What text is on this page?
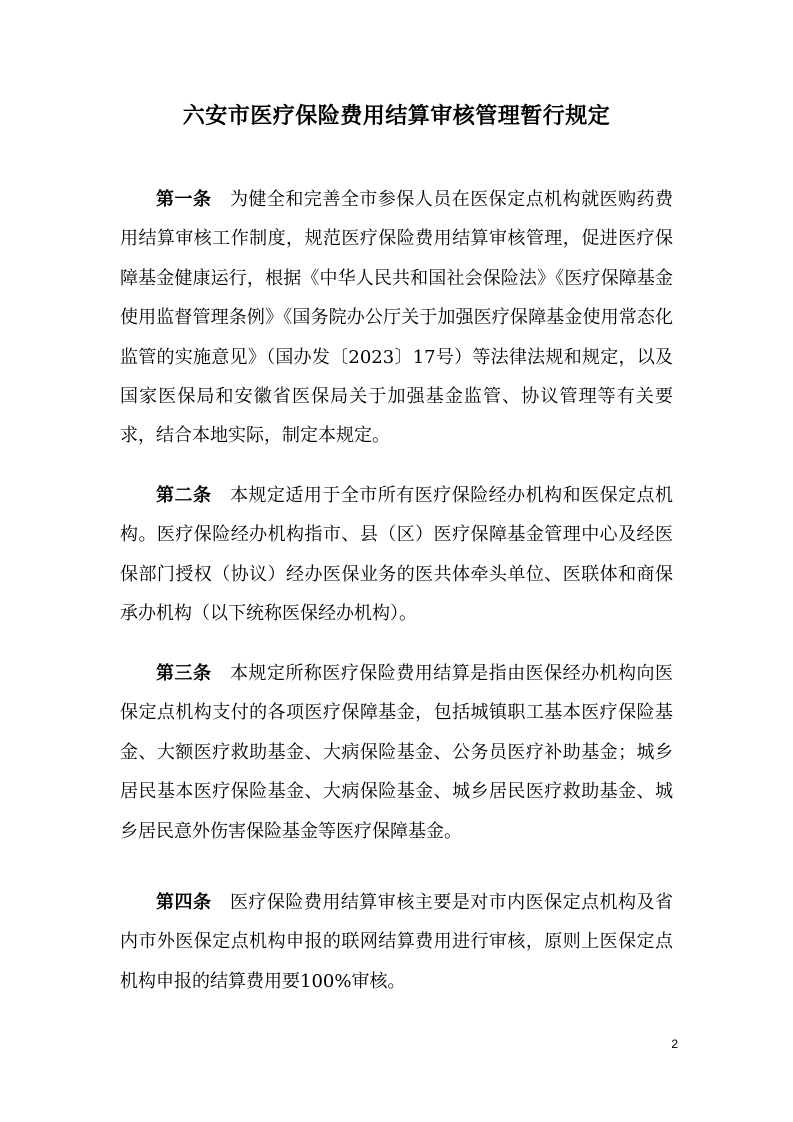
六安市医疗保险费用结算审核管理暂行规定

第一条　 为健全和完善全市参保人员在医保定点机构就医购药费用结算审核工作制度，规范医疗保险费用结算审核管理，促进医疗保障基金健康运行，根据《中华人民共和国社会保险法》《医疗保障基金使用监督管理条例》《国务院办公厅关于加强医疗保障基金使用常态化监管的实施意见》（国办发〔2023〕17号）等法律法规和规定，以及国家医保局和安徽省医保局关于加强基金监管、协议管理等有关要求，结合本地实际，制定本规定。

第二条　 本规定适用于全市所有医疗保险经办机构和医保定点机构。医疗保险经办机构指市、县（区）医疗保障基金管理中心及经医保部门授权（协议）经办医保业务的医共体牵头单位、医联体和商保承办机构（以下统称医保经办机构）。

第三条　 本规定所称医疗保险费用结算是指由医保经办机构向医保定点机构支付的各项医疗保障基金，包括城镇职工基本医疗保险基金、大额医疗救助基金、大病保险基金、公务员医疗补助基金；城乡居民基本医疗保险基金、大病保险基金、城乡居民医疗救助基金、城乡居民意外伤害保险基金等医疗保障基金。

第四条　 医疗保险费用结算审核主要是对市内医保定点机构及省内市外医保定点机构申报的联网结算费用进行审核，原则上医保定点机构申报的结算费用要100%审核。

2
